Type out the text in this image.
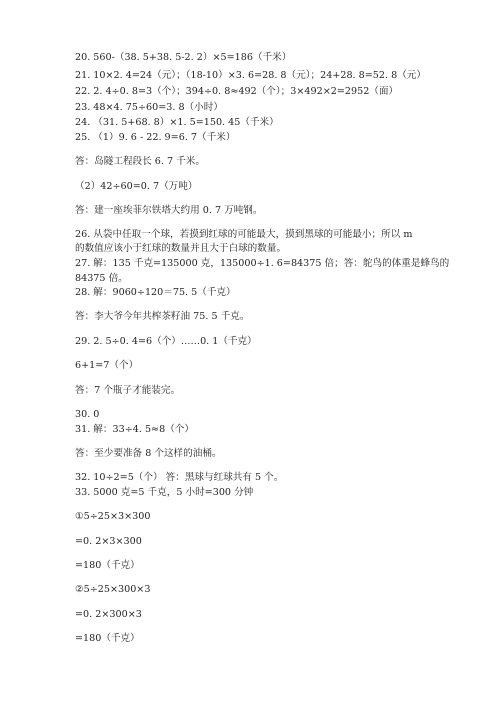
20. 560-（38. 5+38. 5-2. 2）×5=186（千米）
21. 10×2. 4=24（元）；（18-10）×3. 6=28. 8（元）；24+28. 8=52. 8（元）
22. 2. 4÷0. 8=3（个）；394÷0. 8≈492（个）；3×492×2=2952（面）
23. 48×4. 75÷60=3. 8（小时）
24. （31. 5+68. 8）×1. 5=150. 45（千米）
25. （1）9. 6 - 22. 9=6. 7（千米）
答：岛隧工程段长 6. 7 千米。
（2）42÷60=0. 7（万吨）
答：建一座埃菲尔铁塔大约用 0. 7 万吨钢。
26. 从袋中任取一个球，若摸到红球的可能最大，摸到黑球的可能最小；所以 m
的数值应该小于红球的数量并且大于白球的数量。
27. 解：135 千克=135000 克，135000÷1. 6=84375 倍；答：鸵鸟的体重是蜂鸟的
84375 倍。
28. 解：9060÷120＝75. 5（千克）
答：李大爷今年共榨茶籽油 75. 5 千克。
29. 2. 5÷0. 4=6（个）……0. 1（千克）
6+1=7（个）
答：7 个瓶子才能装完。
30. 0
31. 解：33÷4. 5≈8（个）
答：至少要准备 8 个这样的油桶。
32. 10÷2=5（个） 答：黑球与红球共有 5 个。
33. 5000 克=5 千克，5 小时=300 分钟
①5÷25×3×300
=0. 2×3×300
=180（千克）
②5÷25×300×3
=0. 2×300×3
=180（千克）
